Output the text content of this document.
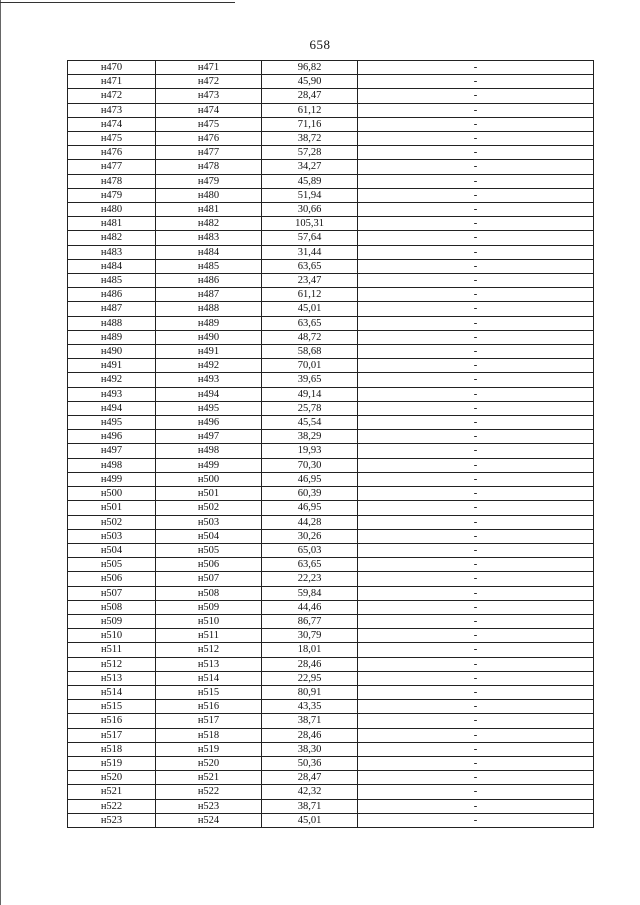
658
н470	н471	96,82	-
н471	н472	45,90	-
н472	н473	28,47	-
н473	н474	61,12	-
н474	н475	71,16	-
н475	н476	38,72	-
н476	н477	57,28	-
н477	н478	34,27	-
н478	н479	45,89	-
н479	н480	51,94	-
н480	н481	30,66	-
н481	н482	105,31	-
н482	н483	57,64	-
н483	н484	31,44	-
н484	н485	63,65	-
н485	н486	23,47	-
н486	н487	61,12	-
н487	н488	45,01	-
н488	н489	63,65	-
н489	н490	48,72	-
н490	н491	58,68	-
н491	н492	70,01	-
н492	н493	39,65	-
н493	н494	49,14	-
н494	н495	25,78	-
н495	н496	45,54	-
н496	н497	38,29	-
н497	н498	19,93	-
н498	н499	70,30	-
н499	н500	46,95	-
н500	н501	60,39	-
н501	н502	46,95	-
н502	н503	44,28	-
н503	н504	30,26	-
н504	н505	65,03	-
н505	н506	63,65	-
н506	н507	22,23	-
н507	н508	59,84	-
н508	н509	44,46	-
н509	н510	86,77	-
н510	н511	30,79	-
н511	н512	18,01	-
н512	н513	28,46	-
н513	н514	22,95	-
н514	н515	80,91	-
н515	н516	43,35	-
н516	н517	38,71	-
н517	н518	28,46	-
н518	н519	38,30	-
н519	н520	50,36	-
н520	н521	28,47	-
н521	н522	42,32	-
н522	н523	38,71	-
н523	н524	45,01	-
